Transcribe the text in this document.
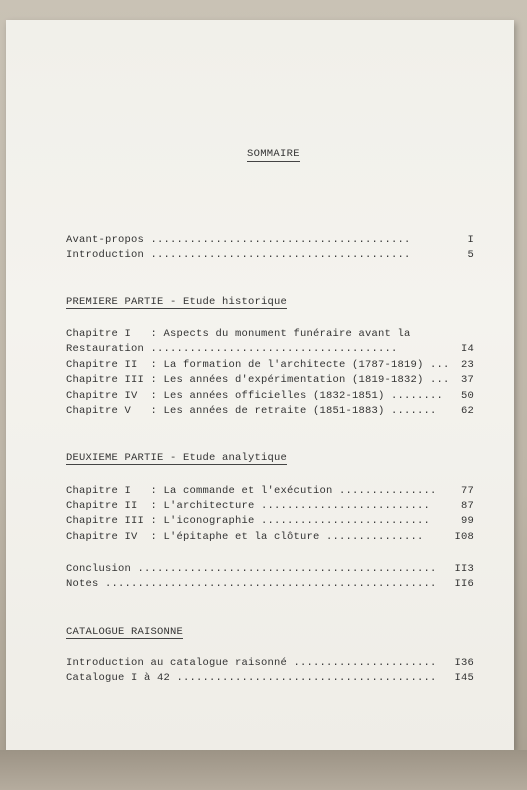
SOMMAIRE
Avant-propos ........................................	I
Introduction ........................................	5
PREMIERE PARTIE - Etude historique
Chapitre I   : Aspects du monument funéraire avant la
Restauration ......................................	I4
Chapitre II  : La formation de l'architecte (1787-1819) ...	23
Chapitre III : Les années d'expérimentation (1819-1832) ...	37
Chapitre IV  : Les années officielles (1832-1851) ........	50
Chapitre V   : Les années de retraite (1851-1883) .......	62
DEUXIEME PARTIE - Etude analytique
Chapitre I   : La commande et l'exécution ...............	77
Chapitre II  : L'architecture ..........................	87
Chapitre III : L'iconographie ..........................	99
Chapitre IV  : L'épitaphe et la clôture ...............	I08
Conclusion ..............................................	II3
Notes ...................................................	II6
CATALOGUE RAISONNE
Introduction au catalogue raisonné ......................	I36
Catalogue I à 42 ........................................	I45
